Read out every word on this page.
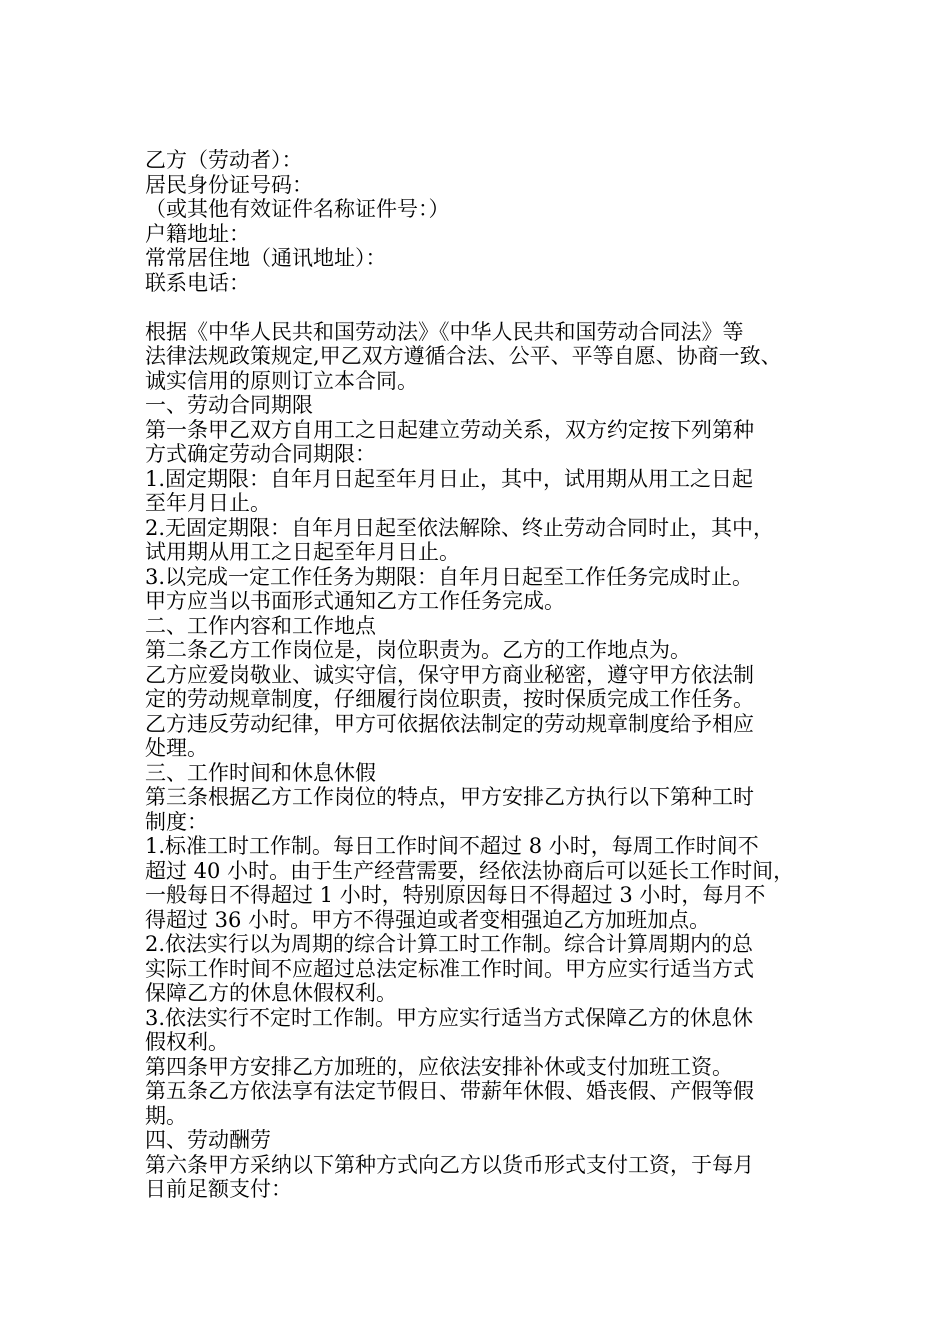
乙方（劳动者）：
居民身份证号码：
（或其他有效证件名称证件号：）
户籍地址：
常常居住地（通讯地址）：
联系电话：
根据《中华人民共和国劳动法》《中华人民共和国劳动合同法》等
法律法规政策规定,甲乙双方遵循合法、公平、平等自愿、协商一致、
诚实信用的原则订立本合同。
一、劳动合同期限
第一条甲乙双方自用工之日起建立劳动关系，双方约定按下列第种
方式确定劳动合同期限：
1.固定期限：自年月日起至年月日止，其中，试用期从用工之日起
至年月日止。
2.无固定期限：自年月日起至依法解除、终止劳动合同时止，其中，
试用期从用工之日起至年月日止。
3.以完成一定工作任务为期限：自年月日起至工作任务完成时止。
甲方应当以书面形式通知乙方工作任务完成。
二、工作内容和工作地点
第二条乙方工作岗位是，岗位职责为。乙方的工作地点为。
乙方应爱岗敬业、诚实守信，保守甲方商业秘密，遵守甲方依法制
定的劳动规章制度，仔细履行岗位职责，按时保质完成工作任务。
乙方违反劳动纪律，甲方可依据依法制定的劳动规章制度给予相应
处理。
三、工作时间和休息休假
第三条根据乙方工作岗位的特点，甲方安排乙方执行以下第种工时
制度：
1.标准工时工作制。每日工作时间不超过 8 小时，每周工作时间不
超过 40 小时。由于生产经营需要，经依法协商后可以延长工作时间，
一般每日不得超过 1 小时，特别原因每日不得超过 3 小时，每月不
得超过 36 小时。甲方不得强迫或者变相强迫乙方加班加点。
2.依法实行以为周期的综合计算工时工作制。综合计算周期内的总
实际工作时间不应超过总法定标准工作时间。甲方应实行适当方式
保障乙方的休息休假权利。
3.依法实行不定时工作制。甲方应实行适当方式保障乙方的休息休
假权利。
第四条甲方安排乙方加班的，应依法安排补休或支付加班工资。
第五条乙方依法享有法定节假日、带薪年休假、婚丧假、产假等假
期。
四、劳动酬劳
第六条甲方采纳以下第种方式向乙方以货币形式支付工资，于每月
日前足额支付：
